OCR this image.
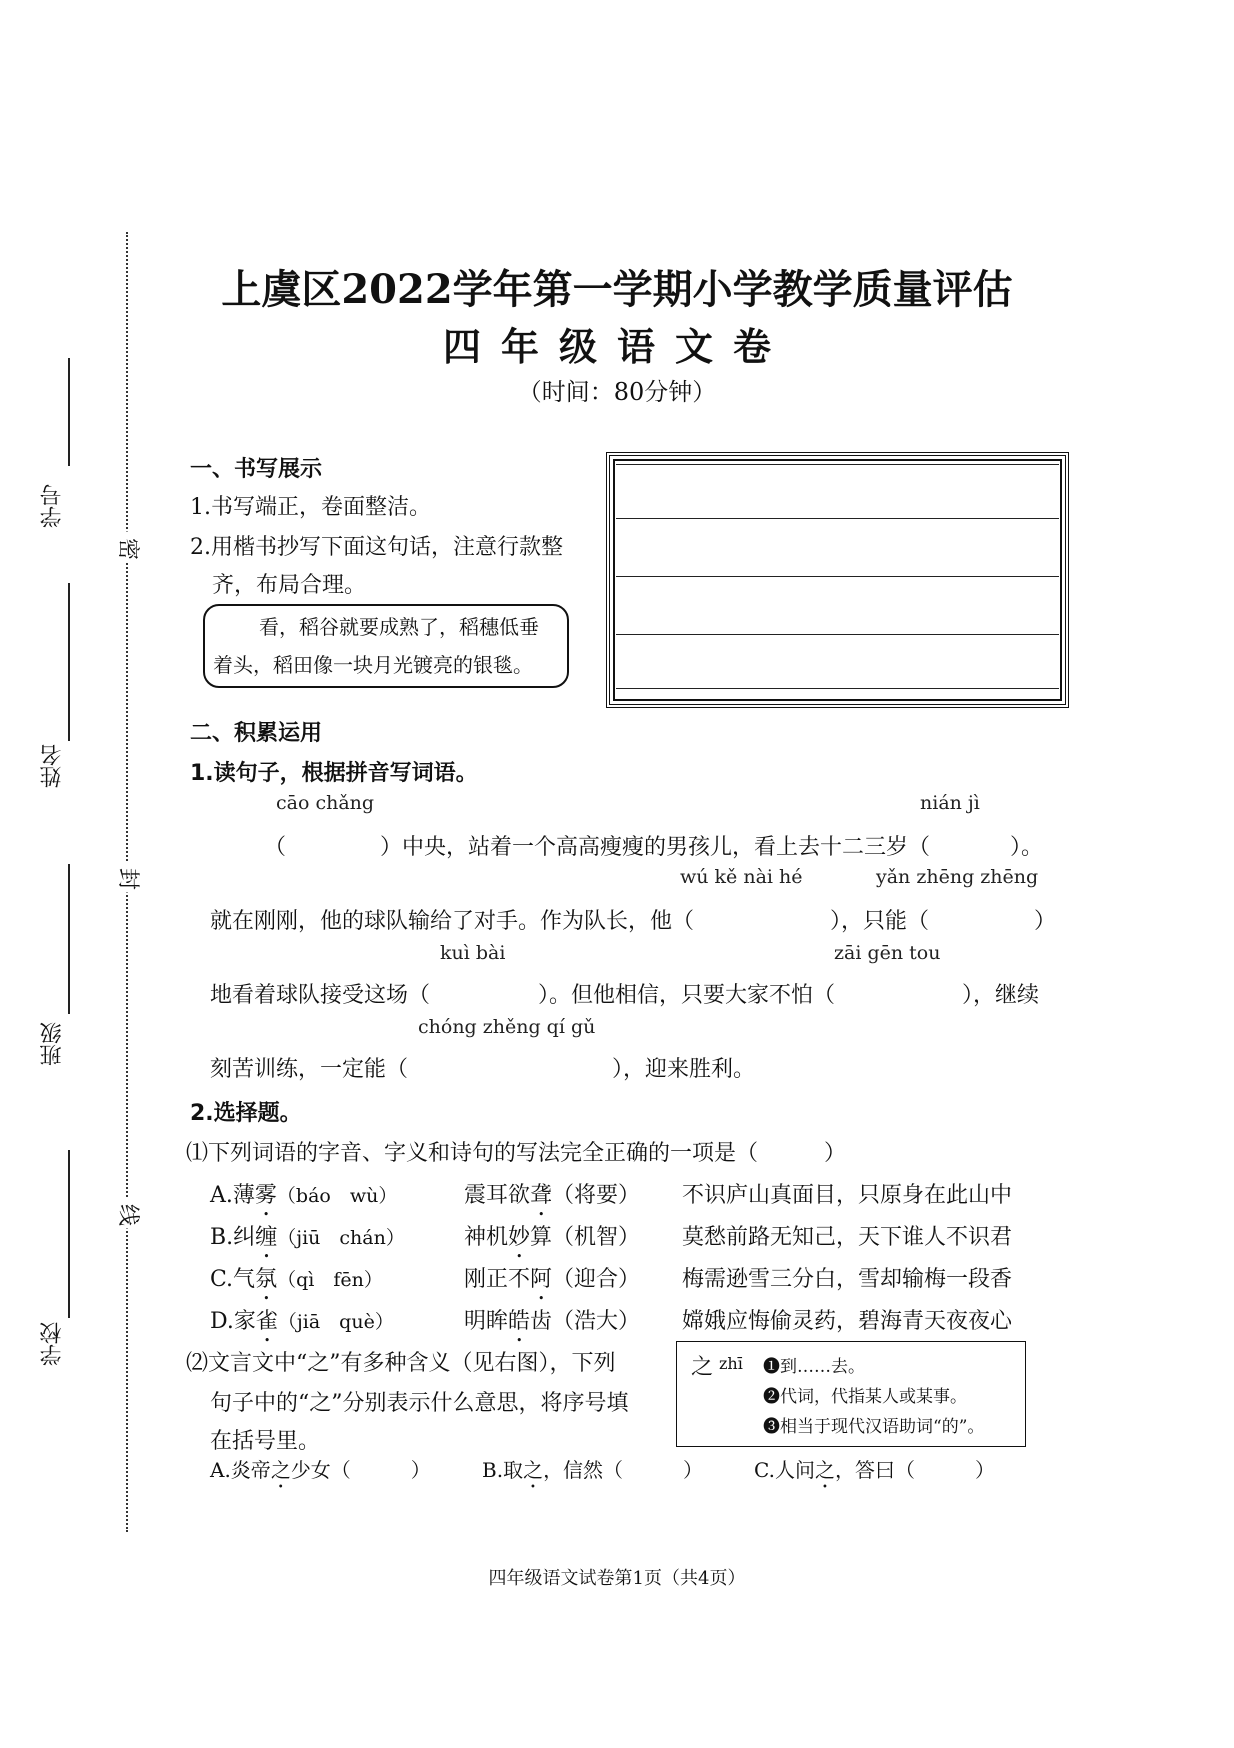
学号
姓名
班级
学校
密
封
线
上虞区2022学年第一学期小学教学质量评估
四年级语文卷
（时间：80分钟）
一、书写展示
1.书写端正，卷面整洁。
2.用楷书抄写下面这句话，注意行款整
齐，布局合理。
看，稻谷就要成熟了，稻穗低垂
着头，稻田像一块月光镀亮的银毯。
二、积累运用
1.读句子，根据拼音写词语。
cāo chǎng	nián jì
（	）中央，站着一个高高瘦瘦的男孩儿，看上去十二三岁（	）。
wú kě nài hé	yǎn zhēng zhēng
就在刚刚，他的球队输给了对手。作为队长，他（	），只能（	）
kuì bài	zāi gēn tou
地看着球队接受这场（	）。但他相信，只要大家不怕（	），继续
chóng zhěng qí gǔ
刻苦训练，一定能（	），迎来胜利。
2.选择题。
⑴下列词语的字音、字义和诗句的写法完全正确的一项是（　　　）
A.薄雾（báo　wù）	震耳欲聋（将要） 不识庐山真面目，只原身在此山中
B.纠缠（jiū　chán）	神机妙算（机智） 莫愁前路无知己，天下谁人不识君
C.气氛（qì　fēn）	刚正不阿（迎合） 梅需逊雪三分白，雪却输梅一段香
D.家雀（jiā　què）	明眸皓齿（浩大） 嫦娥应悔偷灵药，碧海青天夜夜心
⑵文言文中“之”有多种含义（见右图），下列
句子中的“之”分别表示什么意思，将序号填
在括号里。
之 zhī ❶到……去。
❷代词，代指某人或某事。
❸相当于现代汉语助词“的”。
A.炎帝之少女（　　　）	B.取之，信然（　　　）	C.人问之，答曰（　　　）
四年级语文试卷第1页（共4页）
